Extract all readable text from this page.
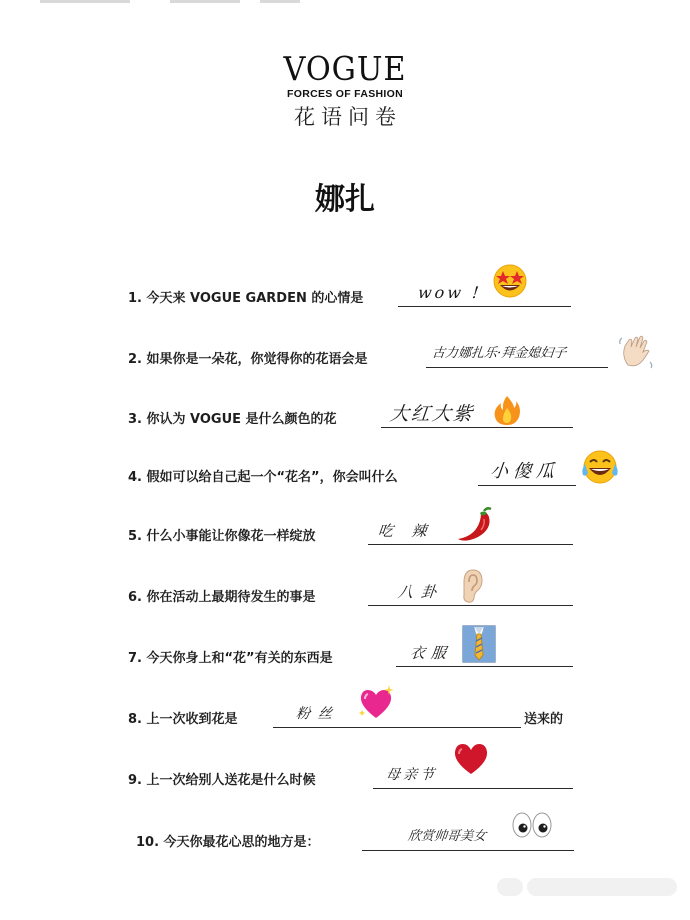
VOGUE
FORCES OF FASHION
花语问卷
娜扎
1. 今天来 VOGUE GARDEN 的心情是	wow !
2. 如果你是一朵花，你觉得你的花语会是	古力娜扎乐·拜金媳妇子
3. 你认为 VOGUE 是什么颜色的花	大红大紫
4. 假如可以给自己起一个“花名”，你会叫什么	小傻瓜
5. 什么小事能让你像花一样绽放	吃  辣
6. 你在活动上最期待发生的事是	八卦
7. 今天你身上和“花”有关的东西是	衣服
8. 上一次收到花是	粉丝	送来的
9. 上一次给别人送花是什么时候	母亲节
10. 今天你最花心思的地方是：	欣赏帅哥美女
